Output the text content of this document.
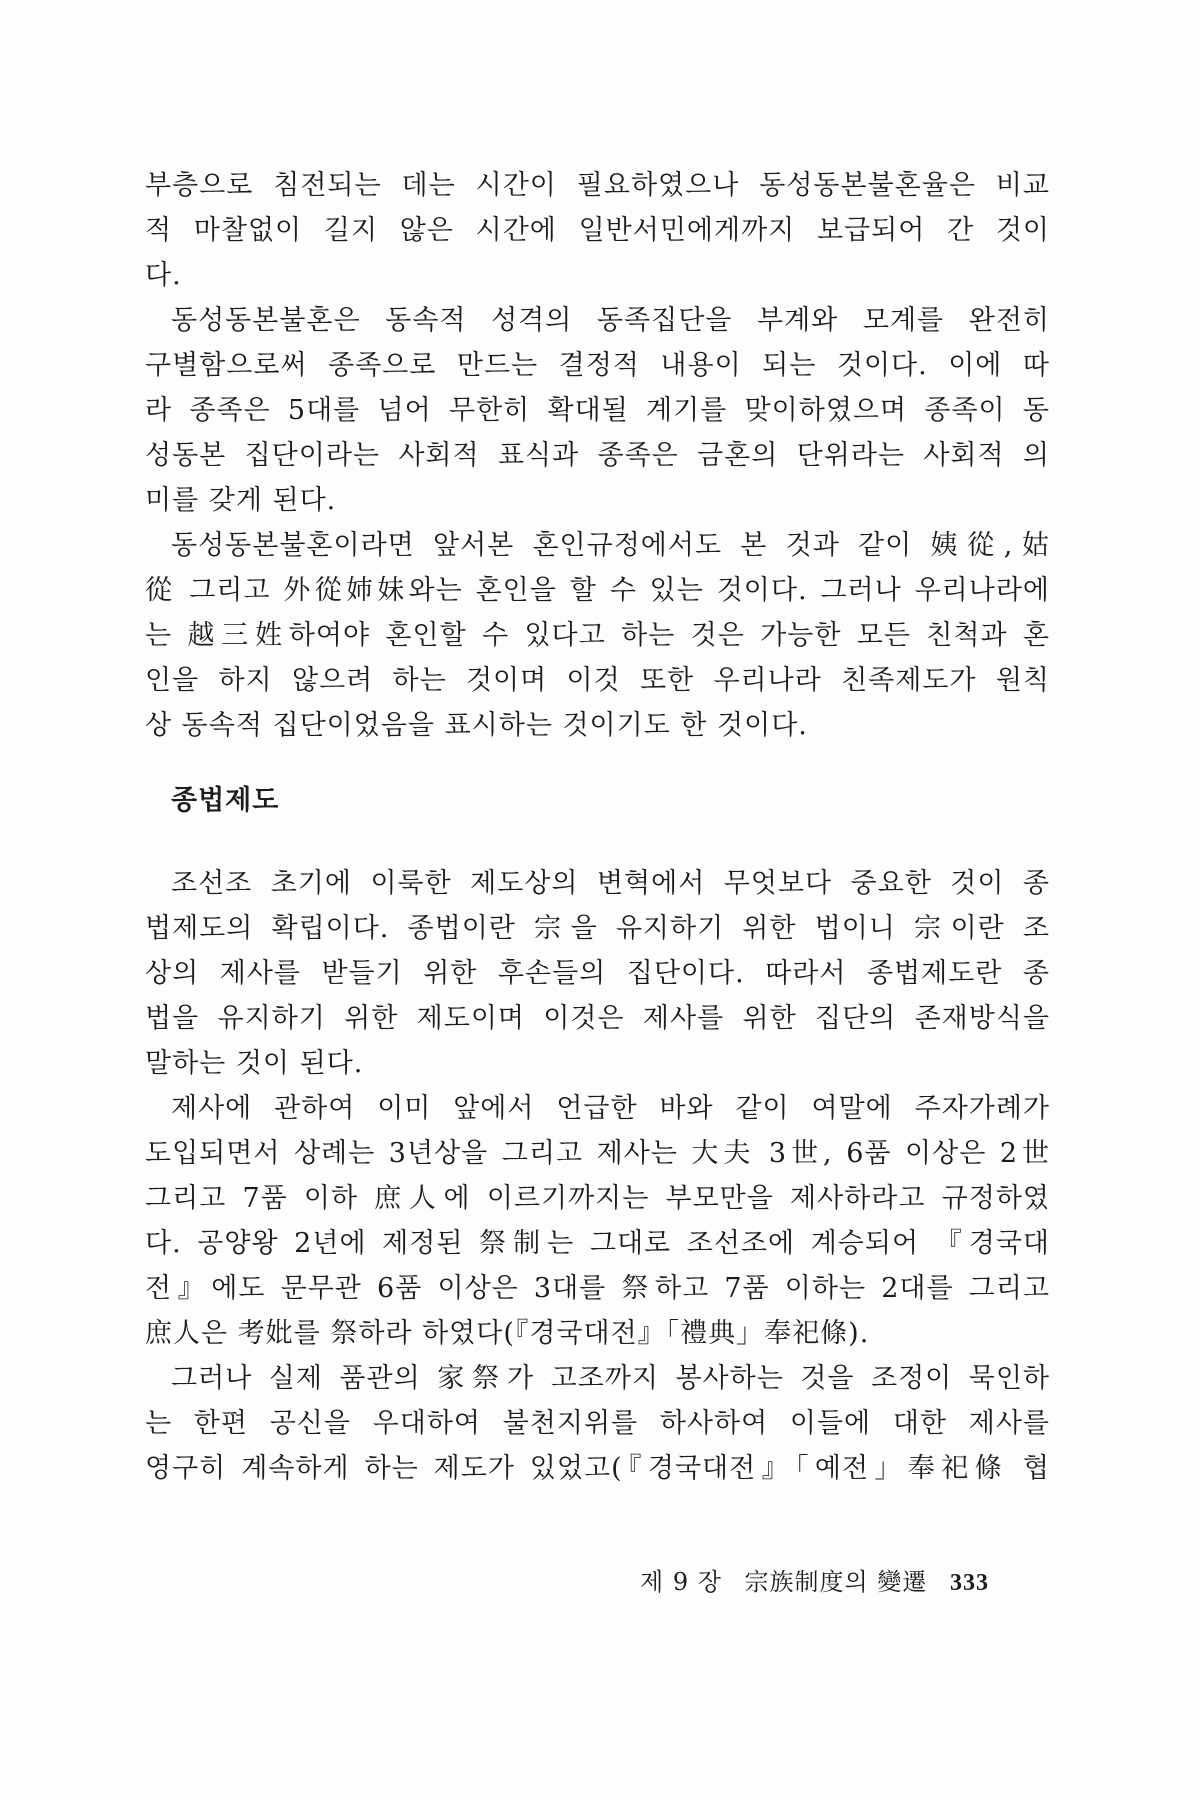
부층으로 침전되는 데는 시간이 필요하였으나 동성동본불혼율은 비교

적 마찰없이 길지 않은 시간에 일반서민에게까지 보급되어 간 것이

다.

동성동본불혼은 동속적 성격의 동족집단을 부계와 모계를 완전히

구별함으로써 종족으로 만드는 결정적 내용이 되는 것이다. 이에 따

라 종족은 5대를 넘어 무한히 확대될 계기를 맞이하였으며 종족이 동

성동본 집단이라는 사회적 표식과 종족은 금혼의 단위라는 사회적 의

미를 갖게 된다.

동성동본불혼이라면 앞서본 혼인규정에서도 본 것과 같이 姨從,姑

從 그리고 外從姉妹와는 혼인을 할 수 있는 것이다. 그러나 우리나라에

는 越三姓하여야 혼인할 수 있다고 하는 것은 가능한 모든 친척과 혼

인을 하지 않으려 하는 것이며 이것 또한 우리나라 친족제도가 원칙

상 동속적 집단이었음을 표시하는 것이기도 한 것이다.

종법제도

조선조 초기에 이룩한 제도상의 변혁에서 무엇보다 중요한 것이 종

법제도의 확립이다. 종법이란 宗을 유지하기 위한 법이니 宗이란 조

상의 제사를 받들기 위한 후손들의 집단이다. 따라서 종법제도란 종

법을 유지하기 위한 제도이며 이것은 제사를 위한 집단의 존재방식을

말하는 것이 된다.

제사에 관하여 이미 앞에서 언급한 바와 같이 여말에 주자가례가

도입되면서 상례는 3년상을 그리고 제사는 大夫 3世, 6품 이상은 2世

그리고 7품 이하 庶人에 이르기까지는 부모만을 제사하라고 규정하였

다. 공양왕 2년에 제정된 祭制는 그대로 조선조에 계승되어 『경국대

전』에도 문무관 6품 이상은 3대를 祭하고 7품 이하는 2대를 그리고

庶人은 考妣를 祭하라 하였다(『경국대전』「禮典」奉祀條).

그러나 실제 품관의 家祭가 고조까지 봉사하는 것을 조정이 묵인하

는 한편 공신을 우대하여 불천지위를 하사하여 이들에 대한 제사를

영구히 계속하게 하는 제도가 있었고(『경국대전』「예전」奉祀條 협

제 9 장 宗族制度의 變遷 333
